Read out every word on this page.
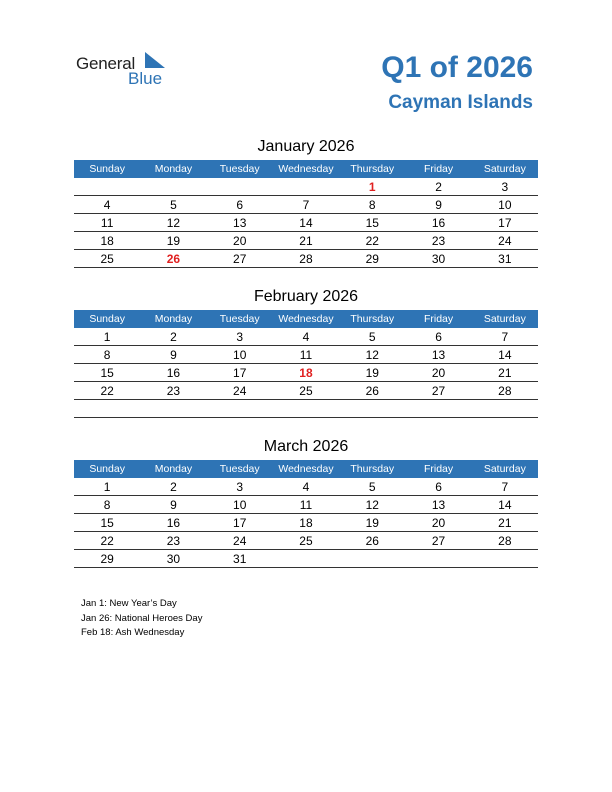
General
Blue	Q1 of 2026
Cayman Islands
January 2026
Sunday	Monday	Tuesday	Wednesday	Thursday	Friday	Saturday
				1	2	3
4	5	6	7	8	9	10
11	12	13	14	15	16	17
18	19	20	21	22	23	24
25	26	27	28	29	30	31
February 2026
Sunday	Monday	Tuesday	Wednesday	Thursday	Friday	Saturday
1	2	3	4	5	6	7
8	9	10	11	12	13	14
15	16	17	18	19	20	21
22	23	24	25	26	27	28

March 2026
Sunday	Monday	Tuesday	Wednesday	Thursday	Friday	Saturday
1	2	3	4	5	6	7
8	9	10	11	12	13	14
15	16	17	18	19	20	21
22	23	24	25	26	27	28
29	30	31				
Jan 1: New Year’s Day
Jan 26: National Heroes Day
Feb 18: Ash Wednesday
